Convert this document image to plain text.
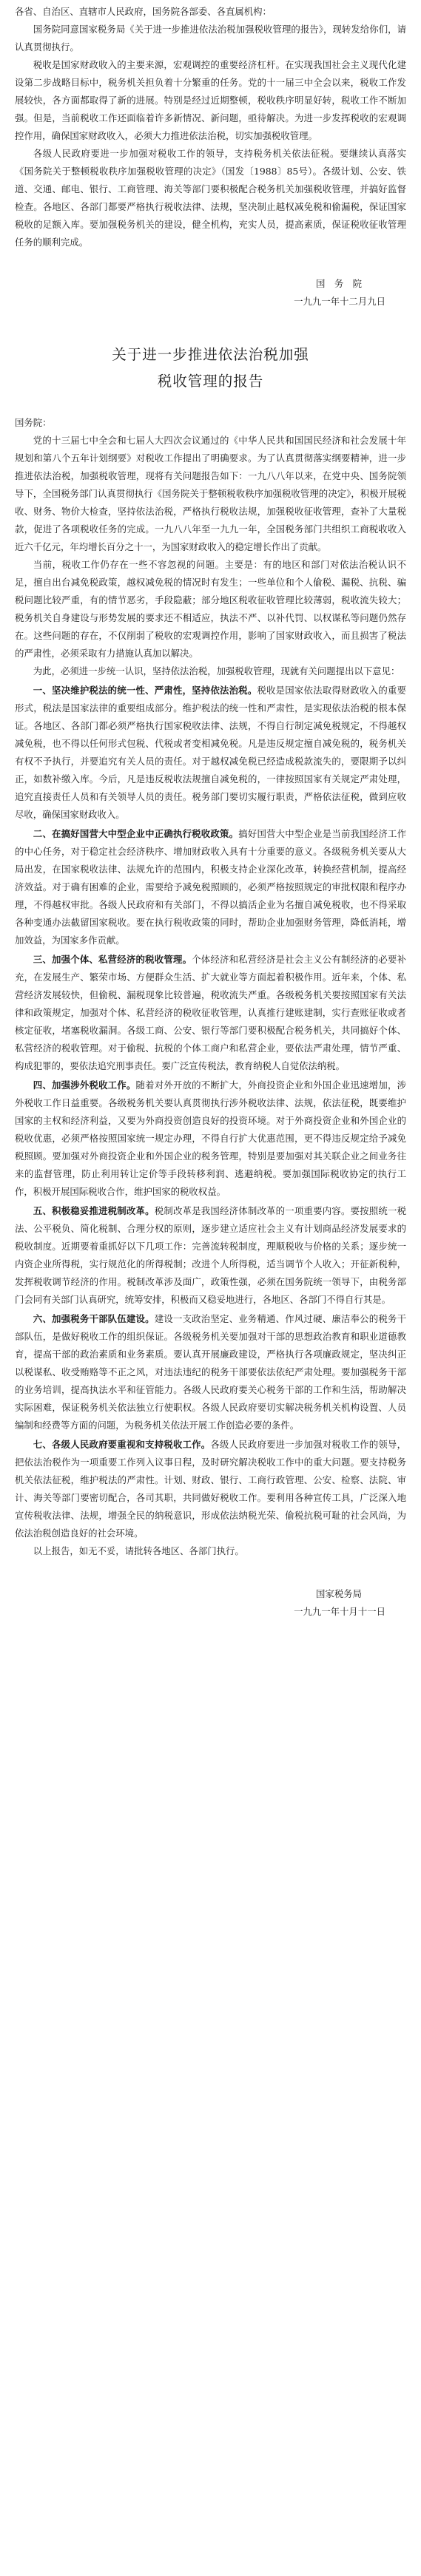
各省、自治区、直辖市人民政府，国务院各部委、各直属机构：

国务院同意国家税务局《关于进一步推进依法治税加强税收管理的报告》，现转发给你们，请认真贯彻执行。

税收是国家财政收入的主要来源，宏观调控的重要经济杠杆。在实现我国社会主义现代化建设第二步战略目标中，税务机关担负着十分繁重的任务。党的十一届三中全会以来，税收工作发展较快，各方面都取得了新的进展。特别是经过近期整顿，税收秩序明显好转，税收工作不断加强。但是，当前税收工作还面临着许多新情况、新问题，亟待解决。为进一步发挥税收的宏观调控作用，确保国家财政收入，必须大力推进依法治税，切实加强税收管理。

各级人民政府要进一步加强对税收工作的领导，支持税务机关依法征税。要继续认真落实《国务院关于整顿税收秩序加强税收管理的决定》（国发〔1988〕85号）。各级计划、公安、铁道、交通、邮电、银行、工商管理、海关等部门要积极配合税务机关加强税收管理，并搞好监督检查。各地区、各部门都要严格执行税收法律、法规，坚决制止越权减免税和偷漏税，保证国家税收的足额入库。要加强税务机关的建设，健全机构，充实人员，提高素质，保证税收征收管理任务的顺利完成。

国　务　院
一九九一年十二月九日
关于进一步推进依法治税加强
税收管理的报告

国务院：

党的十三届七中全会和七届人大四次会议通过的《中华人民共和国国民经济和社会发展十年规划和第八个五年计划纲要》对税收工作提出了明确要求。为了认真贯彻落实纲要精神，进一步推进依法治税，加强税收管理，现将有关问题报告如下：一九八八年以来，在党中央、国务院领导下，全国税务部门认真贯彻执行《国务院关于整顿税收秩序加强税收管理的决定》，积极开展税收、财务、物价大检查，坚持依法治税，严格执行税收法规，加强税收征收管理，查补了大量税款，促进了各项税收任务的完成。一九八八年至一九九一年，全国税务部门共组织工商税收收入近六千亿元，年均增长百分之十一，为国家财政收入的稳定增长作出了贡献。

当前，税收工作仍存在一些不容忽视的问题。主要是：有的地区和部门对依法治税认识不足，擅自出台减免税政策，越权减免税的情况时有发生；一些单位和个人偷税、漏税、抗税、骗税问题比较严重，有的情节恶劣，手段隐蔽；部分地区税收征收管理比较薄弱，税收流失较大；税务机关自身建设与形势发展的要求还不相适应，执法不严、以补代罚、以权谋私等问题仍然存在。这些问题的存在，不仅削弱了税收的宏观调控作用，影响了国家财政收入，而且损害了税法的严肃性，必须采取有力措施认真加以解决。

为此，必须进一步统一认识，坚持依法治税，加强税收管理，现就有关问题提出以下意见：

一、坚决维护税法的统一性、严肃性，坚持依法治税。税收是国家依法取得财政收入的重要形式，税法是国家法律的重要组成部分。维护税法的统一性和严肃性，是实现依法治税的根本保证。各地区、各部门都必须严格执行国家税收法律、法规，不得自行制定减免税规定，不得越权减免税，也不得以任何形式包税、代税或者变相减免税。凡是违反规定擅自减免税的，税务机关有权不予执行，并要追究有关人员的责任。对于越权减免税已经造成税款流失的，要限期予以纠正，如数补缴入库。今后，凡是违反税收法规擅自减免税的，一律按照国家有关规定严肃处理，追究直接责任人员和有关领导人员的责任。税务部门要切实履行职责，严格依法征税，做到应收尽收，确保国家财政收入。

二、在搞好国营大中型企业中正确执行税收政策。搞好国营大中型企业是当前我国经济工作的中心任务，对于稳定社会经济秩序、增加财政收入具有十分重要的意义。各级税务机关要从大局出发，在国家税收法律、法规允许的范围内，积极支持企业深化改革，转换经营机制，提高经济效益。对于确有困难的企业，需要给予减免税照顾的，必须严格按照规定的审批权限和程序办理，不得越权审批。各级人民政府和有关部门，不得以搞活企业为名擅自减免税收，也不得采取各种变通办法截留国家税收。要在执行税收政策的同时，帮助企业加强财务管理，降低消耗，增加效益，为国家多作贡献。

三、加强个体、私营经济的税收管理。个体经济和私营经济是社会主义公有制经济的必要补充，在发展生产、繁荣市场、方便群众生活、扩大就业等方面起着积极作用。近年来，个体、私营经济发展较快，但偷税、漏税现象比较普遍，税收流失严重。各级税务机关要按照国家有关法律和政策规定，加强对个体、私营经济的税收征收管理，认真推行建账建制，实行查账征收或者核定征收，堵塞税收漏洞。各级工商、公安、银行等部门要积极配合税务机关，共同搞好个体、私营经济的税收管理。对于偷税、抗税的个体工商户和私营企业，要依法严肃处理，情节严重、构成犯罪的，要依法追究刑事责任。要广泛宣传税法，教育纳税人自觉依法纳税。

四、加强涉外税收工作。随着对外开放的不断扩大，外商投资企业和外国企业迅速增加，涉外税收工作日益重要。各级税务机关要认真贯彻执行涉外税收法律、法规，依法征税，既要维护国家的主权和经济利益，又要为外商投资创造良好的投资环境。对于外商投资企业和外国企业的税收优惠，必须严格按照国家统一规定办理，不得自行扩大优惠范围，更不得违反规定给予减免税照顾。要加强对外商投资企业和外国企业的税务管理，特别是要加强对其关联企业之间业务往来的监督管理，防止利用转让定价等手段转移利润、逃避纳税。要加强国际税收协定的执行工作，积极开展国际税收合作，维护国家的税收权益。

五、积极稳妥推进税制改革。税制改革是我国经济体制改革的一项重要内容。要按照统一税法、公平税负、简化税制、合理分权的原则，逐步建立适应社会主义有计划商品经济发展要求的税收制度。近期要着重抓好以下几项工作：完善流转税制度，理顺税收与价格的关系；逐步统一内资企业所得税，实行规范化的所得税制；改进个人所得税，适当调节个人收入；开征新税种，发挥税收调节经济的作用。税制改革涉及面广，政策性强，必须在国务院统一领导下，由税务部门会同有关部门认真研究，统筹安排，积极而又稳妥地进行，各地区、各部门不得自行其是。

六、加强税务干部队伍建设。建设一支政治坚定、业务精通、作风过硬、廉洁奉公的税务干部队伍，是做好税收工作的组织保证。各级税务机关要加强对干部的思想政治教育和职业道德教育，提高干部的政治素质和业务素质。要认真开展廉政建设，严格执行各项廉政规定，坚决纠正以税谋私、收受贿赂等不正之风，对违法违纪的税务干部要依法依纪严肃处理。要加强税务干部的业务培训，提高执法水平和征管能力。各级人民政府要关心税务干部的工作和生活，帮助解决实际困难，保证税务机关依法独立行使职权。各级人民政府要切实解决税务机关机构设置、人员编制和经费等方面的问题，为税务机关依法开展工作创造必要的条件。

七、各级人民政府要重视和支持税收工作。各级人民政府要进一步加强对税收工作的领导，把依法治税作为一项重要工作列入议事日程，及时研究解决税收工作中的重大问题。要支持税务机关依法征税，维护税法的严肃性。计划、财政、银行、工商行政管理、公安、检察、法院、审计、海关等部门要密切配合，各司其职，共同做好税收工作。要利用各种宣传工具，广泛深入地宣传税收法律、法规，增强全民的纳税意识，形成依法纳税光荣、偷税抗税可耻的社会风尚，为依法治税创造良好的社会环境。

以上报告，如无不妥，请批转各地区、各部门执行。

国家税务局
一九九一年十月十一日
